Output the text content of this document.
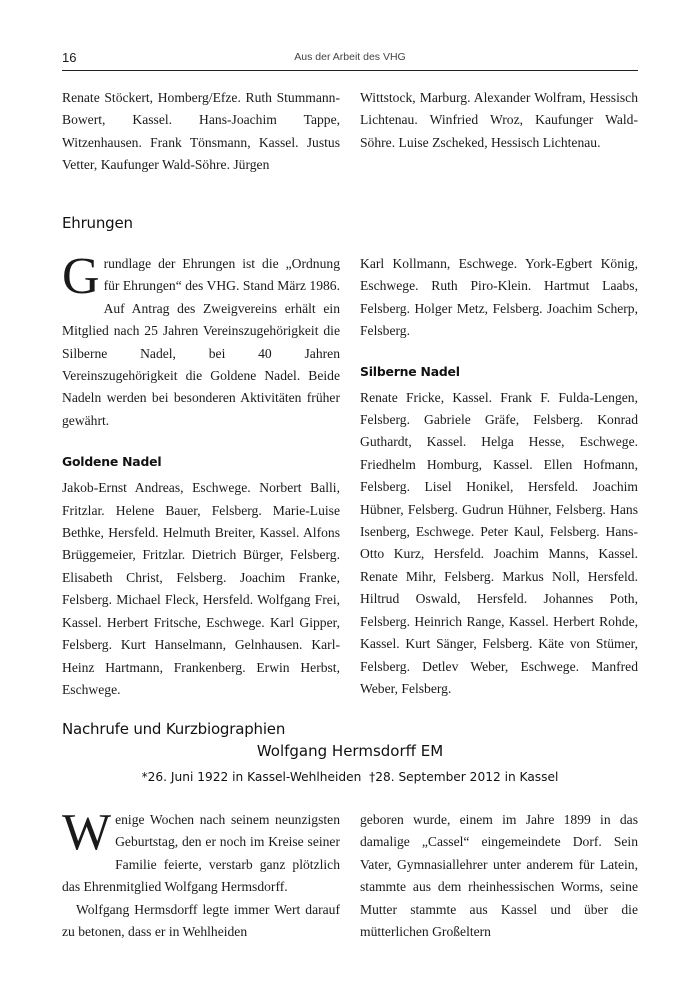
16	Aus der Arbeit des VHG

Renate Stöckert, Homberg/Efze. Ruth Stummann-Bowert, Kassel. Hans-Joachim Tappe, Witzenhausen. Frank Tönsmann, Kassel. Justus Vetter, Kaufunger Wald-Söhre. Jürgen

Wittstock, Marburg. Alexander Wolfram, Hessisch Lichtenau. Winfried Wroz, Kaufunger Wald-Söhre. Luise Zscheked, Hessisch Lichtenau.

Ehrungen

Grundlage der Ehrungen ist die „Ordnung für Ehrungen“ des VHG. Stand März 1986. Auf Antrag des Zweigvereins erhält ein Mitglied nach 25 Jahren Vereinszugehörigkeit die Silberne Nadel, bei 40 Jahren Vereinszugehörigkeit die Goldene Nadel. Beide Nadeln werden bei besonderen Aktivitäten früher gewährt.

Goldene Nadel

Jakob-Ernst Andreas, Eschwege. Norbert Balli, Fritzlar. Helene Bauer, Felsberg. Marie-Luise Bethke, Hersfeld. Helmuth Breiter, Kassel. Alfons Brüggemeier, Fritzlar. Dietrich Bürger, Felsberg. Elisabeth Christ, Felsberg. Joachim Franke, Felsberg. Michael Fleck, Hersfeld. Wolfgang Frei, Kassel. Herbert Fritsche, Eschwege. Karl Gipper, Felsberg. Kurt Hanselmann, Gelnhausen. Karl-Heinz Hartmann, Frankenberg. Erwin Herbst, Eschwege.

Karl Kollmann, Eschwege. York-Egbert König, Eschwege. Ruth Piro-Klein. Hartmut Laabs, Felsberg. Holger Metz, Felsberg. Joachim Scherp, Felsberg.

Silberne Nadel

Renate Fricke, Kassel. Frank F. Fulda-Lengen, Felsberg. Gabriele Gräfe, Felsberg. Konrad Guthardt, Kassel. Helga Hesse, Eschwege. Friedhelm Homburg, Kassel. Ellen Hofmann, Felsberg. Lisel Honikel, Hersfeld. Joachim Hübner, Felsberg. Gudrun Hühner, Felsberg. Hans Isenberg, Eschwege. Peter Kaul, Felsberg. Hans-Otto Kurz, Hersfeld. Joachim Manns, Kassel. Renate Mihr, Felsberg. Markus Noll, Hersfeld. Hiltrud Oswald, Hersfeld. Johannes Poth, Felsberg. Heinrich Range, Kassel. Herbert Rohde, Kassel. Kurt Sänger, Felsberg. Käte von Stümer, Felsberg. Detlev Weber, Eschwege. Manfred Weber, Felsberg.

Nachrufe und Kurzbiographien
Wolfgang Hermsdorff EM
*26. Juni 1922 in Kassel-Wehlheiden  †28. September 2012 in Kassel

Wenige Wochen nach seinem neunzigsten Geburtstag, den er noch im Kreise seiner Familie feierte, verstarb ganz plötzlich das Ehrenmitglied Wolfgang Hermsdorff.

Wolfgang Hermsdorff legte immer Wert darauf zu betonen, dass er in Wehlheiden

geboren wurde, einem im Jahre 1899 in das damalige „Cassel“ eingemeindete Dorf. Sein Vater, Gymnasiallehrer unter anderem für Latein, stammte aus dem rheinhessischen Worms, seine Mutter stammte aus Kassel und über die mütterlichen Großeltern
